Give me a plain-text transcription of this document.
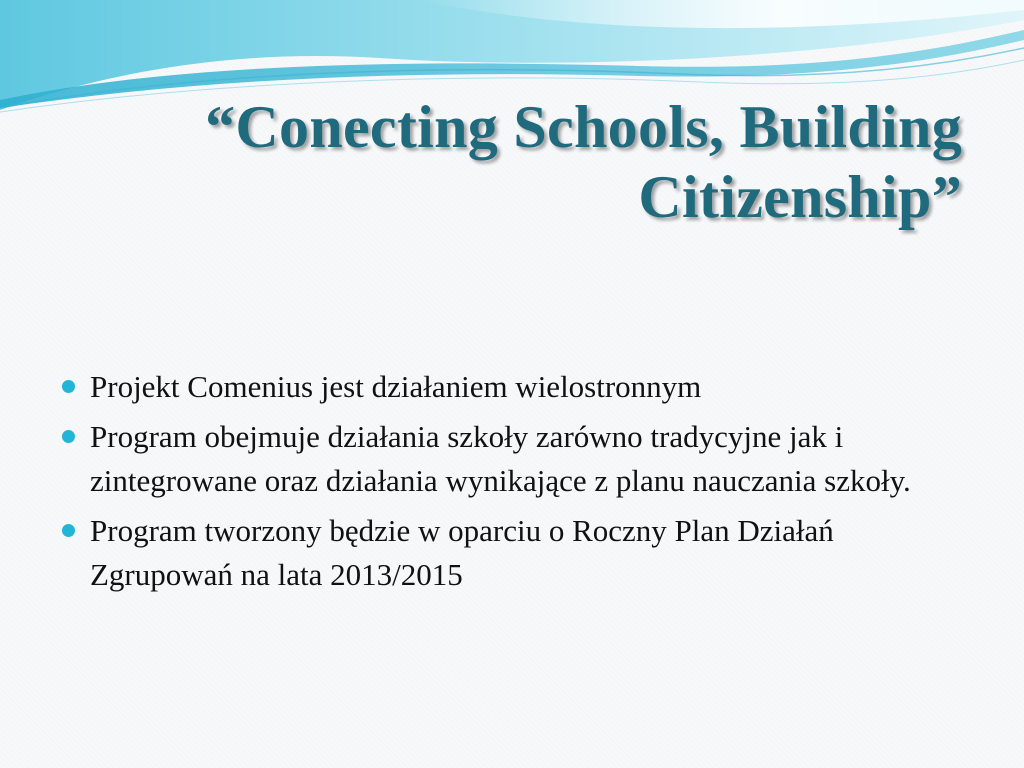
“Conecting Schools, Building
Citizenship”
Projekt Comenius jest działaniem wielostronnym
Program obejmuje działania szkoły zarówno tradycyjne jak i zintegrowane oraz działania wynikające z planu nauczania szkoły.
Program tworzony będzie w oparciu o Roczny Plan Działań Zgrupowań na lata 2013/2015
